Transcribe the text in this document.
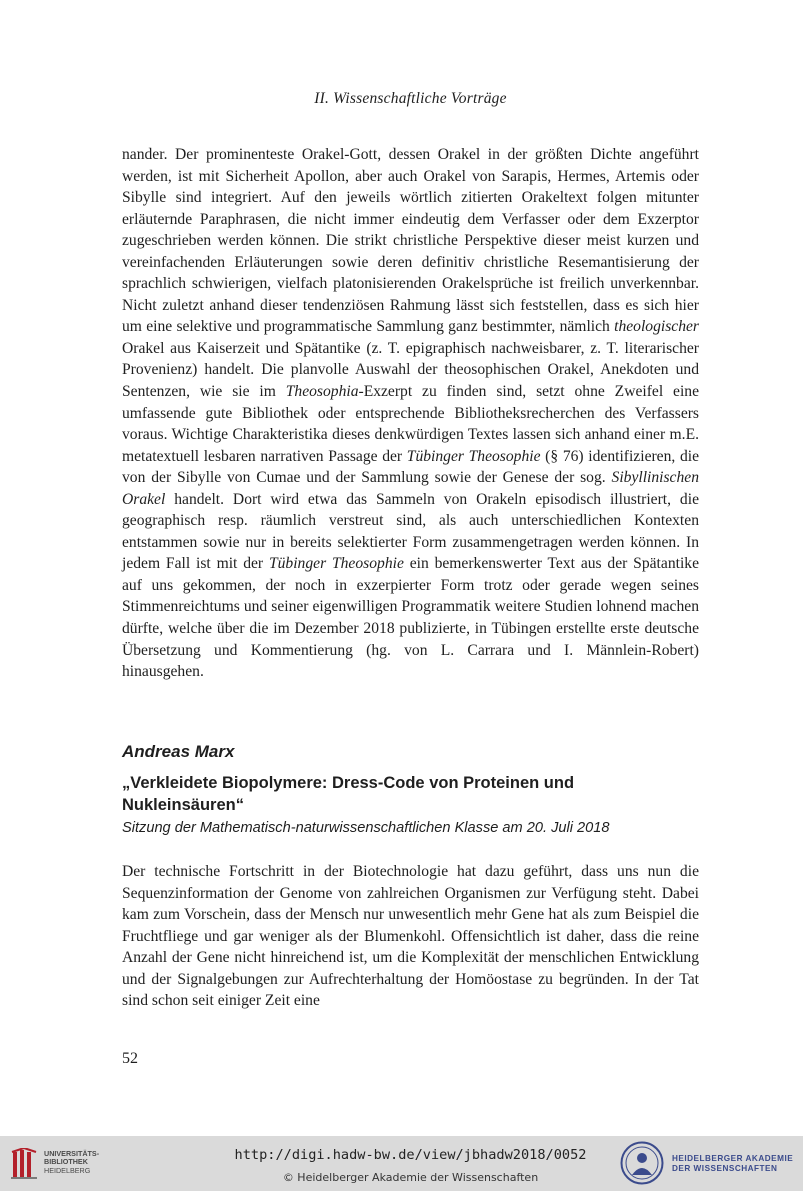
II. Wissenschaftliche Vorträge

nander. Der prominenteste Orakel-Gott, dessen Orakel in der größten Dichte angeführt werden, ist mit Sicherheit Apollon, aber auch Orakel von Sarapis, Hermes, Artemis oder Sibylle sind integriert. Auf den jeweils wörtlich zitierten Orakeltext folgen mitunter erläuternde Paraphrasen, die nicht immer eindeutig dem Verfasser oder dem Exzerptor zugeschrieben werden können. Die strikt christliche Perspektive dieser meist kurzen und vereinfachenden Erläuterungen sowie deren definitiv christliche Resemantisierung der sprachlich schwierigen, vielfach platonisierenden Orakelsprüche ist freilich unverkennbar. Nicht zuletzt anhand dieser tendenziösen Rahmung lässt sich feststellen, dass es sich hier um eine selektive und programmatische Sammlung ganz bestimmter, nämlich theologischer Orakel aus Kaiserzeit und Spätantike (z. T. epigraphisch nachweisbarer, z. T. literarischer Provenienz) handelt. Die planvolle Auswahl der theosophischen Orakel, Anekdoten und Sentenzen, wie sie im Theosophia-Exzerpt zu finden sind, setzt ohne Zweifel eine umfassende gute Bibliothek oder entsprechende Bibliotheksrecherchen des Verfassers voraus. Wichtige Charakteristika dieses denkwürdigen Textes lassen sich anhand einer m.E. metatextuell lesbaren narrativen Passage der Tübinger Theosophie (§ 76) identifizieren, die von der Sibylle von Cumae und der Sammlung sowie der Genese der sog. Sibyllinischen Orakel handelt. Dort wird etwa das Sammeln von Orakeln episodisch illustriert, die geographisch resp. räumlich verstreut sind, als auch unterschiedlichen Kontexten entstammen sowie nur in bereits selektierter Form zusammengetragen werden können. In jedem Fall ist mit der Tübinger Theosophie ein bemerkenswerter Text aus der Spätantike auf uns gekommen, der noch in exzerpierter Form trotz oder gerade wegen seines Stimmenreichtums und seiner eigenwilligen Programmatik weitere Studien lohnend machen dürfte, welche über die im Dezember 2018 publizierte, in Tübingen erstellte erste deutsche Übersetzung und Kommentierung (hg. von L. Carrara und I. Männlein-Robert) hinausgehen.

Andreas Marx
„Verkleidete Biopolymere: Dress-Code von Proteinen und Nukleinsäuren“
Sitzung der Mathematisch-naturwissenschaftlichen Klasse am 20. Juli 2018

Der technische Fortschritt in der Biotechnologie hat dazu geführt, dass uns nun die Sequenzinformation der Genome von zahlreichen Organismen zur Verfügung steht. Dabei kam zum Vorschein, dass der Mensch nur unwesentlich mehr Gene hat als zum Beispiel die Fruchtfliege und gar weniger als der Blumenkohl. Offensichtlich ist daher, dass die reine Anzahl der Gene nicht hinreichend ist, um die Komplexität der menschlichen Entwicklung und der Signalgebungen zur Aufrechterhaltung der Homöostase zu begründen. In der Tat sind schon seit einiger Zeit eine

52
UNIVERSITÄTS-
BIBLIOTHEK
HEIDELBERG
http://digi.hadw-bw.de/view/jbhadw2018/0052
© Heidelberger Akademie der Wissenschaften
HEIDELBERGER AKADEMIE
DER WISSENSCHAFTEN
